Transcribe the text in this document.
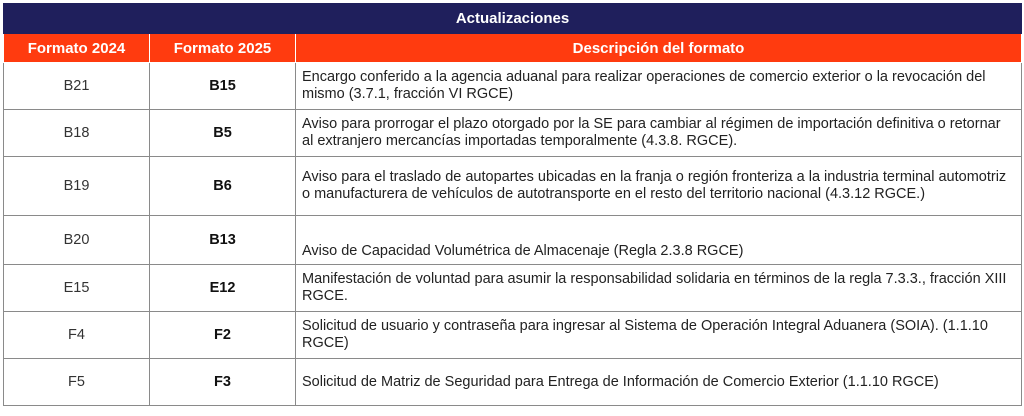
Actualizaciones		
Formato 2024	Formato 2025	Descripción del formato
B21	B15	Encargo conferido a la agencia aduanal para realizar operaciones de comercio exterior o la revocación del mismo (3.7.1, fracción VI RGCE)
B18	B5	Aviso para prorrogar el plazo otorgado por la SE para cambiar al régimen de importación definitiva o retornar al extranjero mercancías importadas temporalmente (4.3.8. RGCE).
B19	B6	Aviso para el traslado de autopartes ubicadas en la franja o región fronteriza a la industria terminal automotriz o manufacturera de vehículos de autotransporte en el resto del territorio nacional (4.3.12 RGCE.)
B20	B13	Aviso de Capacidad Volumétrica de Almacenaje (Regla 2.3.8 RGCE)
E15	E12	Manifestación de voluntad para asumir la responsabilidad solidaria en términos de la regla 7.3.3., fracción XIII RGCE.
F4	F2	Solicitud de usuario y contraseña para ingresar al Sistema de Operación Integral Aduanera (SOIA). (1.1.10 RGCE)
F5	F3	Solicitud de Matriz de Seguridad para Entrega de Información de Comercio Exterior (1.1.10 RGCE)
